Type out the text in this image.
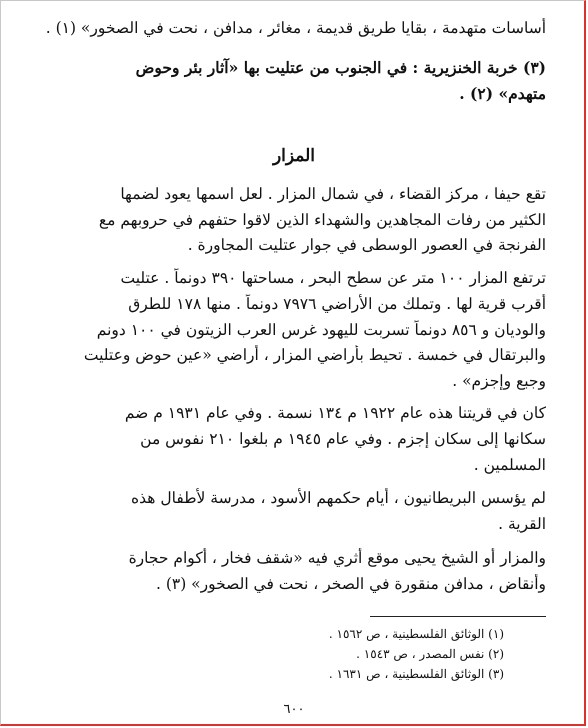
أساسات متهدمة ، بقايا طريق قديمة ، مغائر ، مدافن ، نحت في الصخور» (١) .
(٣) خربة الخنزيرية : في الجنوب من عتليت بها «آثار بئر وحوض
متهدم» (٢) .
المزار
تقع حيفا ، مركز القضاء ، في شمال المزار . لعل اسمها يعود لضمها
الكثير من رفات المجاهدين والشهداء الذين لاقوا حتفهم في حروبهم مع
الفرنجة في العصور الوسطى في جوار عتليت المجاورة .
ترتفع المزار ١٠٠ متر عن سطح البحر ، مساحتها ٣٩٠ دونماً . عتليت
أقرب قرية لها . وتملك من الأراضي ٧٩٧٦ دونماً . منها ١٧٨ للطرق
والوديان و ٨٥٦ دونماً تسربت لليهود غرس العرب الزيتون في ١٠٠ دونم
والبرتقال في خمسة . تحيط بأراضي المزار ، أراضي «عين حوض وعتليت
وجبع وإجزم» .
كان في قريتنا هذه عام ١٩٢٢ م ١٣٤ نسمة . وفي عام ١٩٣١ م ضم
سكانها إلى سكان إجزم . وفي عام ١٩٤٥ م بلغوا ٢١٠ نفوس من
المسلمين .
لم يؤسس البريطانيون ، أيام حكمهم الأسود ، مدرسة لأطفال هذه
القرية .
والمزار أو الشيخ يحيى موقع أثري فيه «شقف فخار ، أكوام حجارة
وأنقاض ، مدافن منقورة في الصخر ، نحت في الصخور» (٣) .
(١) الوثائق الفلسطينية ، ص ١٥٦٢ .
(٢) نفس المصدر ، ص ١٥٤٣ .
(٣) الوثائق الفلسطينية ، ص ١٦٣١ .
٦٠٠
